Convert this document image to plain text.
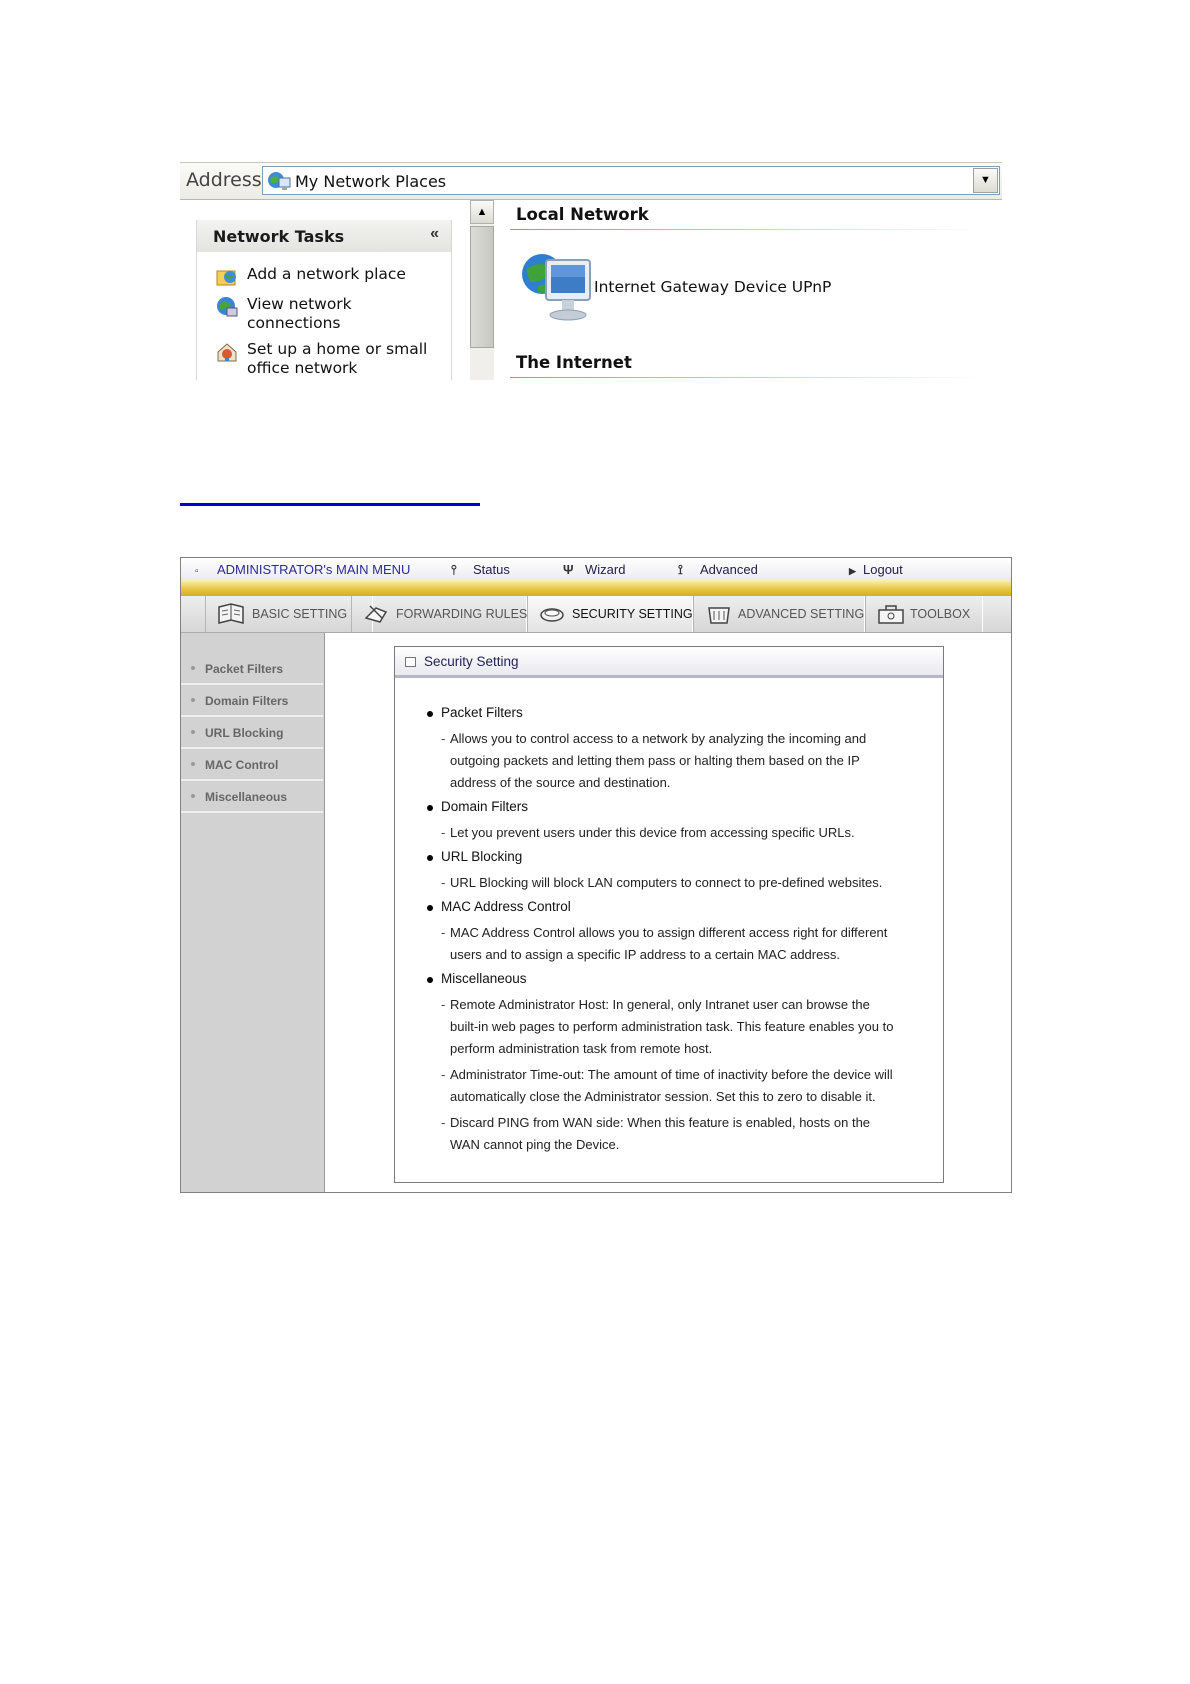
Address My Network Places	▼
Network Tasks	«
Add a network place
View network connections
Set up a home or small office network
▲	Local Network
Internet Gateway Device UPnP
The Internet
▫ ADMINISTRATOR's MAIN MENU	⫯ Status	Ψ Wizard	⟟ Advanced	▶ Logout
BASIC SETTING	FORWARDING RULES	SECURITY SETTING	ADVANCED SETTING	TOOLBOX
Packet Filters
Domain Filters
URL Blocking
MAC Control
Miscellaneous
Security Setting
Packet Filters
- Allows you to control access to a network by analyzing the incoming and
outgoing packets and letting them pass or halting them based on the IP
address of the source and destination.
Domain Filters
- Let you prevent users under this device from accessing specific URLs.
URL Blocking
- URL Blocking will block LAN computers to connect to pre-defined websites.
MAC Address Control
- MAC Address Control allows you to assign different access right for different
users and to assign a specific IP address to a certain MAC address.
Miscellaneous
- Remote Administrator Host: In general, only Intranet user can browse the
built-in web pages to perform administration task. This feature enables you to
perform administration task from remote host.
- Administrator Time-out: The amount of time of inactivity before the device will
automatically close the Administrator session. Set this to zero to disable it.
- Discard PING from WAN side: When this feature is enabled, hosts on the
WAN cannot ping the Device.
